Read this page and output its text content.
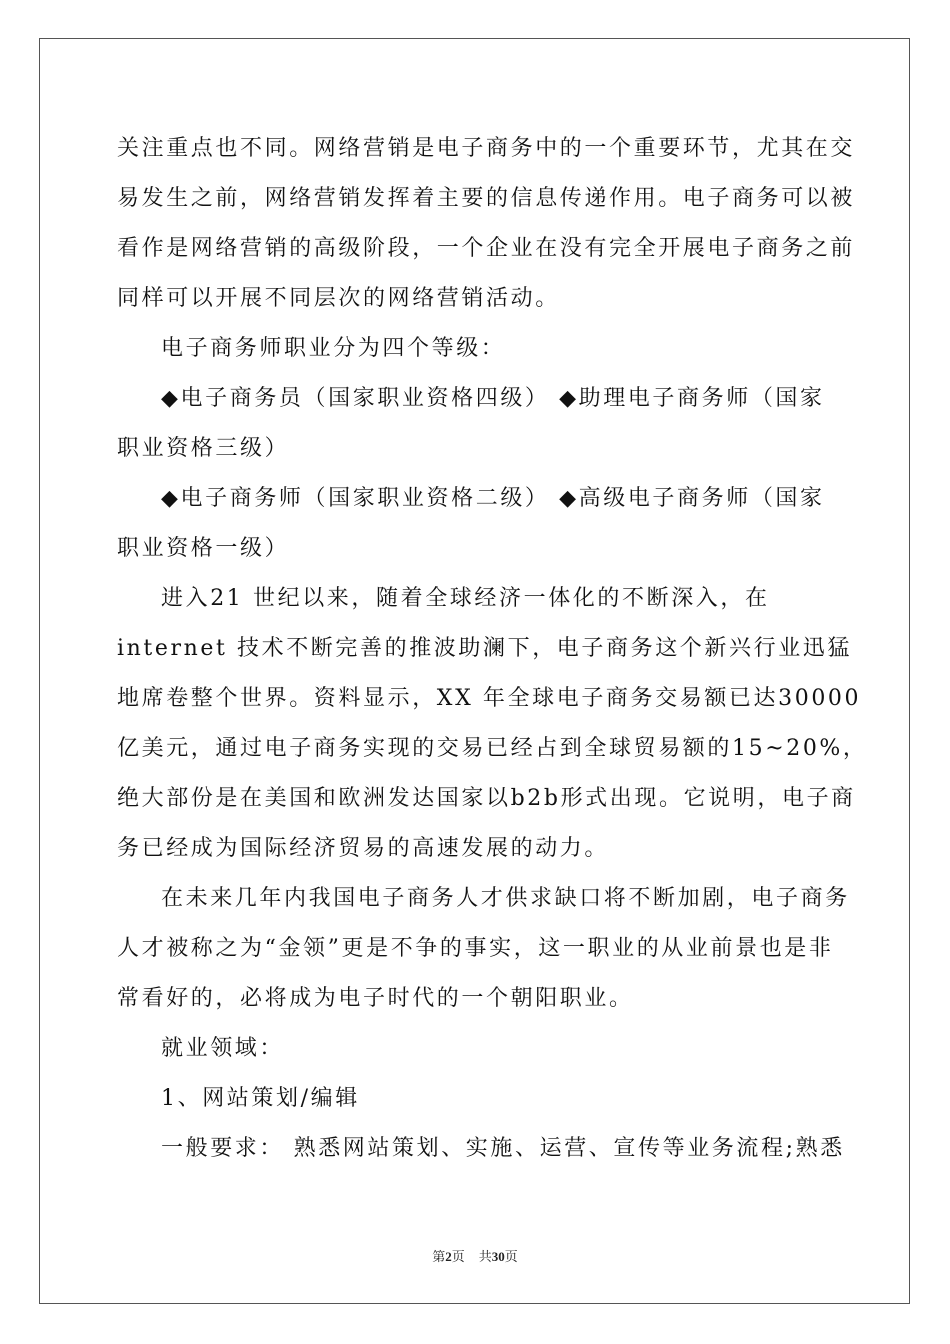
关注重点也不同。网络营销是电子商务中的一个重要环节，尤其在交

易发生之前，网络营销发挥着主要的信息传递作用。电子商务可以被

看作是网络营销的高级阶段，一个企业在没有完全开展电子商务之前

同样可以开展不同层次的网络营销活动。

电子商务师职业分为四个等级：

◆电子商务员（国家职业资格四级） ◆助理电子商务师（国家

职业资格三级）

◆电子商务师（国家职业资格二级） ◆高级电子商务师（国家

职业资格一级）

进入21 世纪以来，随着全球经济一体化的不断深入，在

internet 技术不断完善的推波助澜下，电子商务这个新兴行业迅猛

地席卷整个世界。资料显示，XX 年全球电子商务交易额已达30000

亿美元，通过电子商务实现的交易已经占到全球贸易额的15~20%，

绝大部份是在美国和欧洲发达国家以b2b形式出现。它说明，电子商

务已经成为国际经济贸易的高速发展的动力。

在未来几年内我国电子商务人才供求缺口将不断加剧，电子商务

人才被称之为“金领”更是不争的事实，这一职业的从业前景也是非

常看好的，必将成为电子时代的一个朝阳职业。

就业领域：

1、网站策划/编辑

一般要求： 熟悉网站策划、实施、运营、宣传等业务流程;熟悉

第2页 共30页
